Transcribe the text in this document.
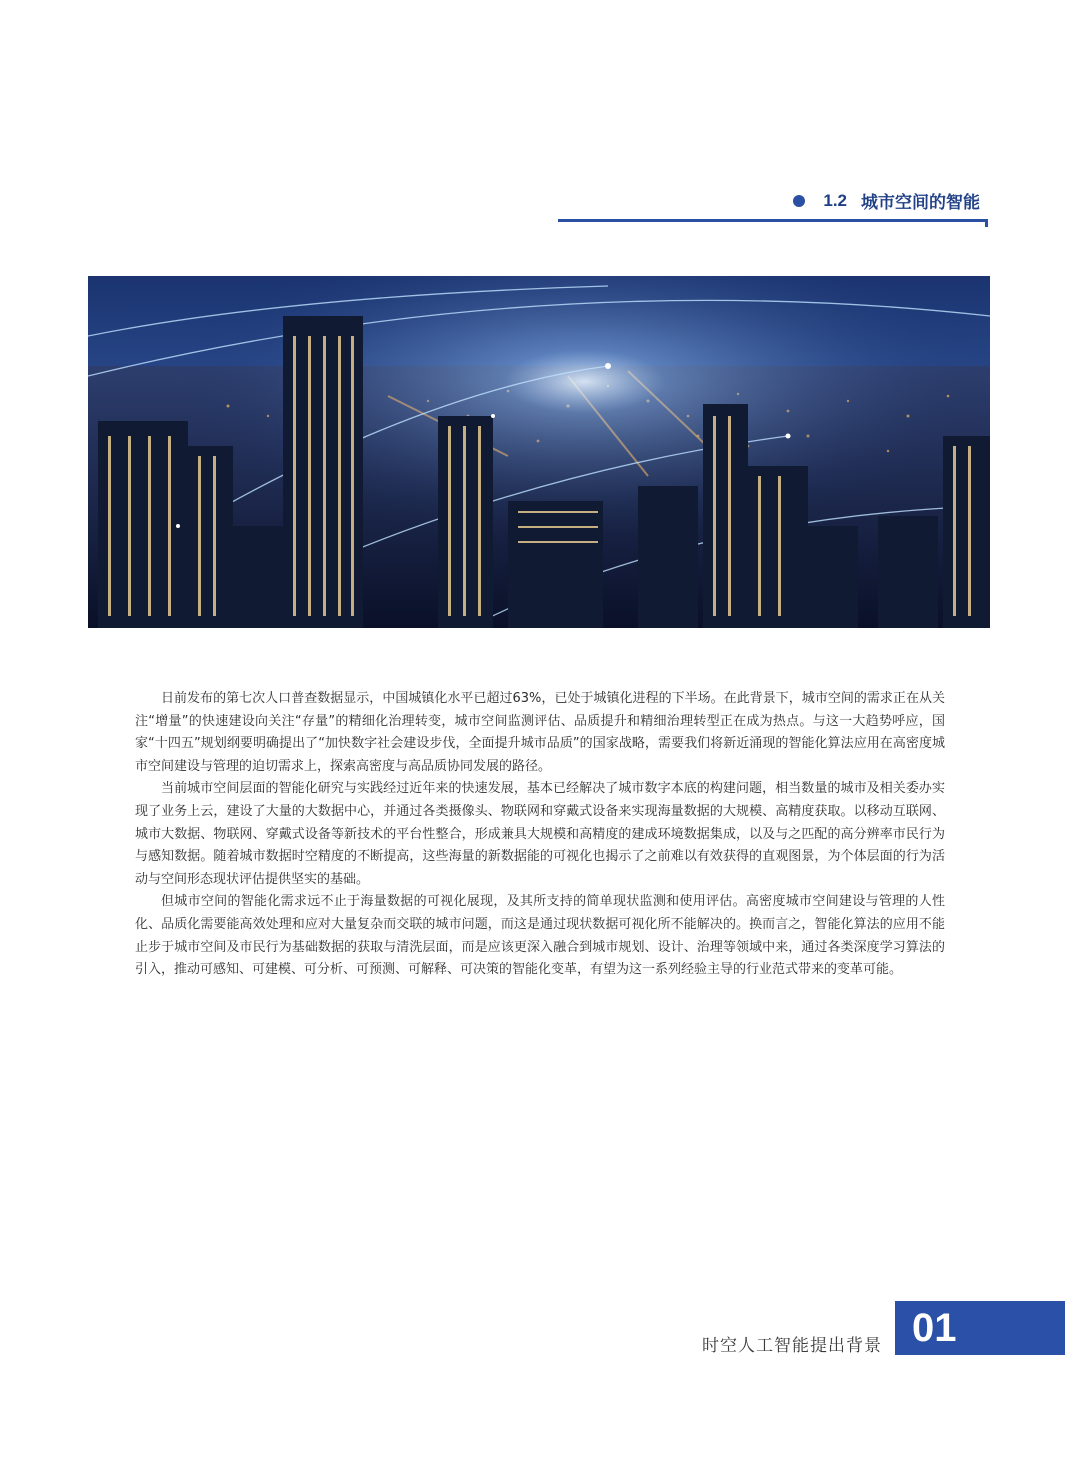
1.2 城市空间的智能

日前发布的第七次人口普查数据显示，中国城镇化水平已超过63%，已处于城镇化进程的下半场。在此背景下，城市空间的需求正在从关注“增量”的快速建设向关注“存量”的精细化治理转变，城市空间监测评估、品质提升和精细治理转型正在成为热点。与这一大趋势呼应，国家“十四五”规划纲要明确提出了“加快数字社会建设步伐，全面提升城市品质”的国家战略，需要我们将新近涌现的智能化算法应用在高密度城市空间建设与管理的迫切需求上，探索高密度与高品质协同发展的路径。

当前城市空间层面的智能化研究与实践经过近年来的快速发展，基本已经解决了城市数字本底的构建问题，相当数量的城市及相关委办实现了业务上云，建设了大量的大数据中心，并通过各类摄像头、物联网和穿戴式设备来实现海量数据的大规模、高精度获取。以移动互联网、城市大数据、物联网、穿戴式设备等新技术的平台性整合，形成兼具大规模和高精度的建成环境数据集成，以及与之匹配的高分辨率市民行为与感知数据。随着城市数据时空精度的不断提高，这些海量的新数据能的可视化也揭示了之前难以有效获得的直观图景，为个体层面的行为活动与空间形态现状评估提供坚实的基础。

但城市空间的智能化需求远不止于海量数据的可视化展现，及其所支持的简单现状监测和使用评估。高密度城市空间建设与管理的人性化、品质化需要能高效处理和应对大量复杂而交联的城市问题，而这是通过现状数据可视化所不能解决的。换而言之，智能化算法的应用不能止步于城市空间及市民行为基础数据的获取与清洗层面，而是应该更深入融合到城市规划、设计、治理等领域中来，通过各类深度学习算法的引入，推动可感知、可建模、可分析、可预测、可解释、可决策的智能化变革，有望为这一系列经验主导的行业范式带来的变革可能。

时空人工智能提出背景 01
